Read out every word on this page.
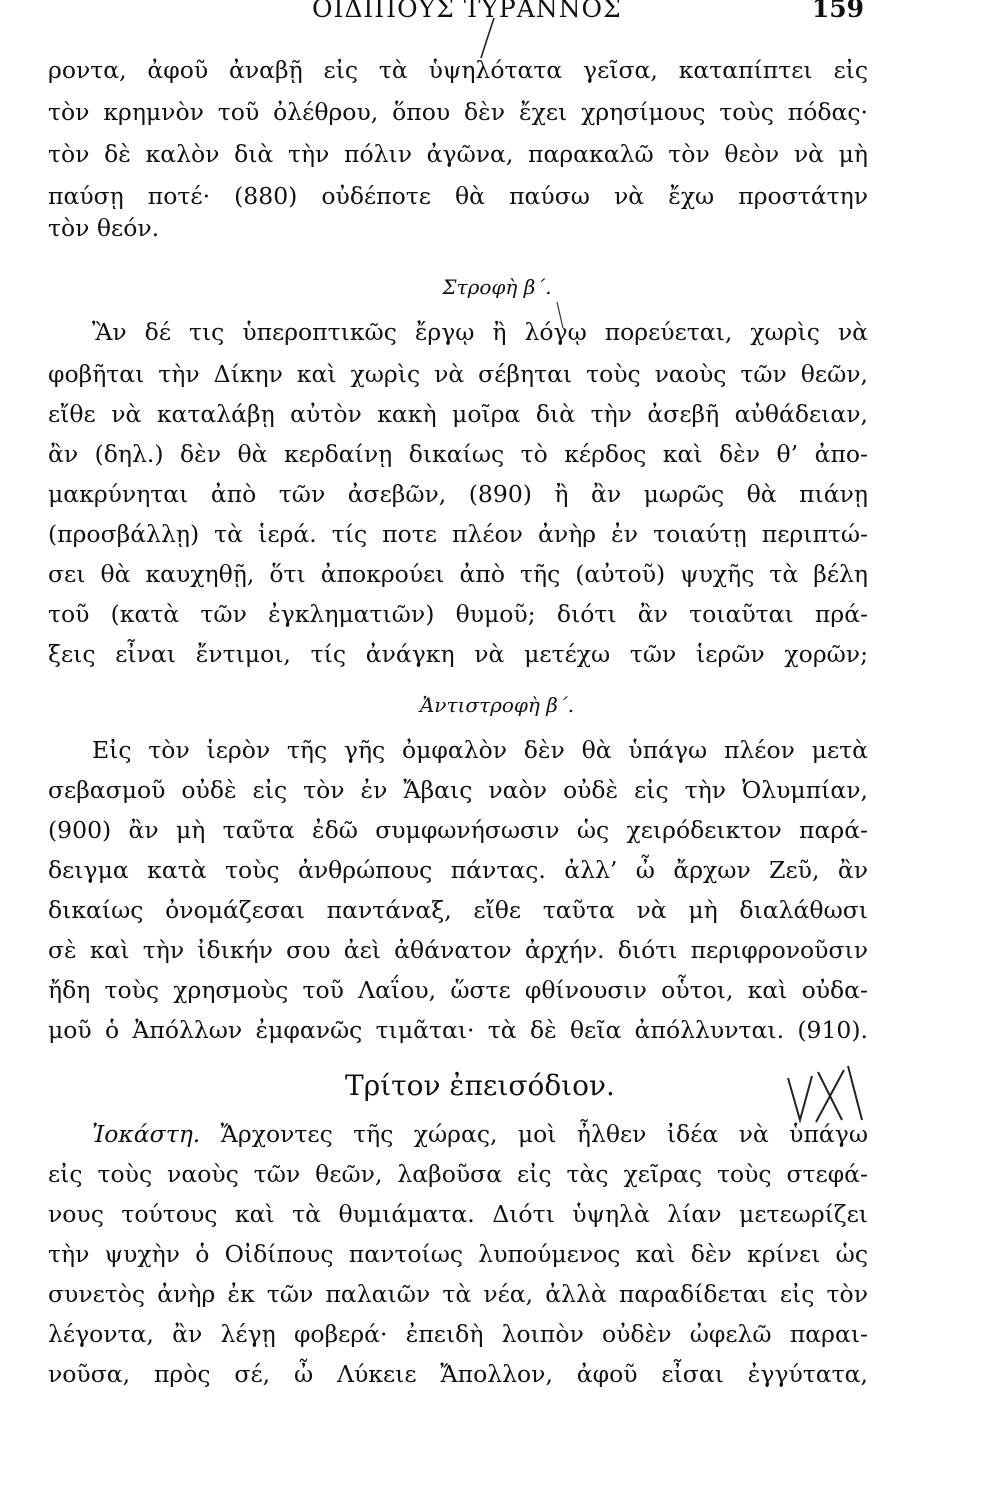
ΟΙΔΙΠΟΥΣ ΤΥΡΑΝΝΟΣ	159
ροντα, ἀφοῦ ἀναβῇ εἰς τὰ ὑψηλότατα γεῖσα, καταπίπτει εἰς
τὸν κρημνὸν τοῦ ὀλέθρου, ὅπου δὲν ἔχει χρησίμους τοὺς πόδας·
τὸν δὲ καλὸν διὰ τὴν πόλιν ἀγῶνα, παρακαλῶ τὸν θεὸν νὰ μὴ
παύσῃ ποτέ· (880) οὐδέποτε θὰ παύσω νὰ ἔχω προστάτην
τὸν θεόν.
Στροφὴ β΄.
Ἂν δέ τις ὑπεροπτικῶς ἔργῳ ἢ λόγῳ πορεύεται, χωρὶς νὰ
φοβῆται τὴν Δίκην καὶ χωρὶς νὰ σέβηται τοὺς ναοὺς τῶν θεῶν,
εἴθε νὰ καταλάβῃ αὐτὸν κακὴ μοῖρα διὰ τὴν ἀσεβῆ αὐθάδειαν,
ἂν (δηλ.) δὲν θὰ κερδαίνῃ δικαίως τὸ κέρδος καὶ δὲν θ’ ἀπο-
μακρύνηται ἀπὸ τῶν ἀσεβῶν, (890) ἢ ἂν μωρῶς θὰ πιάνῃ
(προσβάλλῃ) τὰ ἱερά. τίς ποτε πλέον ἀνὴρ ἐν τοιαύτῃ περιπτώ-
σει θὰ καυχηθῇ, ὅτι ἀποκρούει ἀπὸ τῆς (αὐτοῦ) ψυχῆς τὰ βέλη
τοῦ (κατὰ τῶν ἐγκληματιῶν) θυμοῦ; διότι ἂν τοιαῦται πρά-
ξεις εἶναι ἔντιμοι, τίς ἀνάγκη νὰ μετέχω τῶν ἱερῶν χορῶν;
Ἀντιστροφὴ β΄.
Εἰς τὸν ἱερὸν τῆς γῆς ὀμφαλὸν δὲν θὰ ὑπάγω πλέον μετὰ
σεβασμοῦ οὐδὲ εἰς τὸν ἐν Ἄβαις ναὸν οὐδὲ εἰς τὴν Ὀλυμπίαν,
(900) ἂν μὴ ταῦτα ἐδῶ συμφωνήσωσιν ὡς χειρόδεικτον παρά-
δειγμα κατὰ τοὺς ἀνθρώπους πάντας. ἀλλ’ ὦ ἄρχων Ζεῦ, ἂν
δικαίως ὀνομάζεσαι παντάναξ, εἴθε ταῦτα νὰ μὴ διαλάθωσι
σὲ καὶ τὴν ἰδικήν σου ἀεὶ ἀθάνατον ἀρχήν. διότι περιφρονοῦσιν
ἤδη τοὺς χρησμοὺς τοῦ Λαΐου, ὥστε φθίνουσιν οὗτοι, καὶ οὐδα-
μοῦ ὁ Ἀπόλλων ἐμφανῶς τιμᾶται· τὰ δὲ θεῖα ἀπόλλυνται. (910).
Τρίτον ἐπεισόδιον.
Ἰοκάστη. Ἄρχοντες τῆς χώρας, μοὶ ἦλθεν ἰδέα νὰ ὑπάγω
εἰς τοὺς ναοὺς τῶν θεῶν, λαβοῦσα εἰς τὰς χεῖρας τοὺς στεφά-
νους τούτους καὶ τὰ θυμιάματα. Διότι ὑψηλὰ λίαν μετεωρίζει
τὴν ψυχὴν ὁ Οἰδίπους παντοίως λυπούμενος καὶ δὲν κρίνει ὡς
συνετὸς ἀνὴρ ἐκ τῶν παλαιῶν τὰ νέα, ἀλλὰ παραδίδεται εἰς τὸν
λέγοντα, ἂν λέγῃ φοβερά· ἐπειδὴ λοιπὸν οὐδὲν ὠφελῶ παραι-
νοῦσα, πρὸς σέ, ὦ Λύκειε Ἄπολλον, ἀφοῦ εἶσαι ἐγγύτατα,
